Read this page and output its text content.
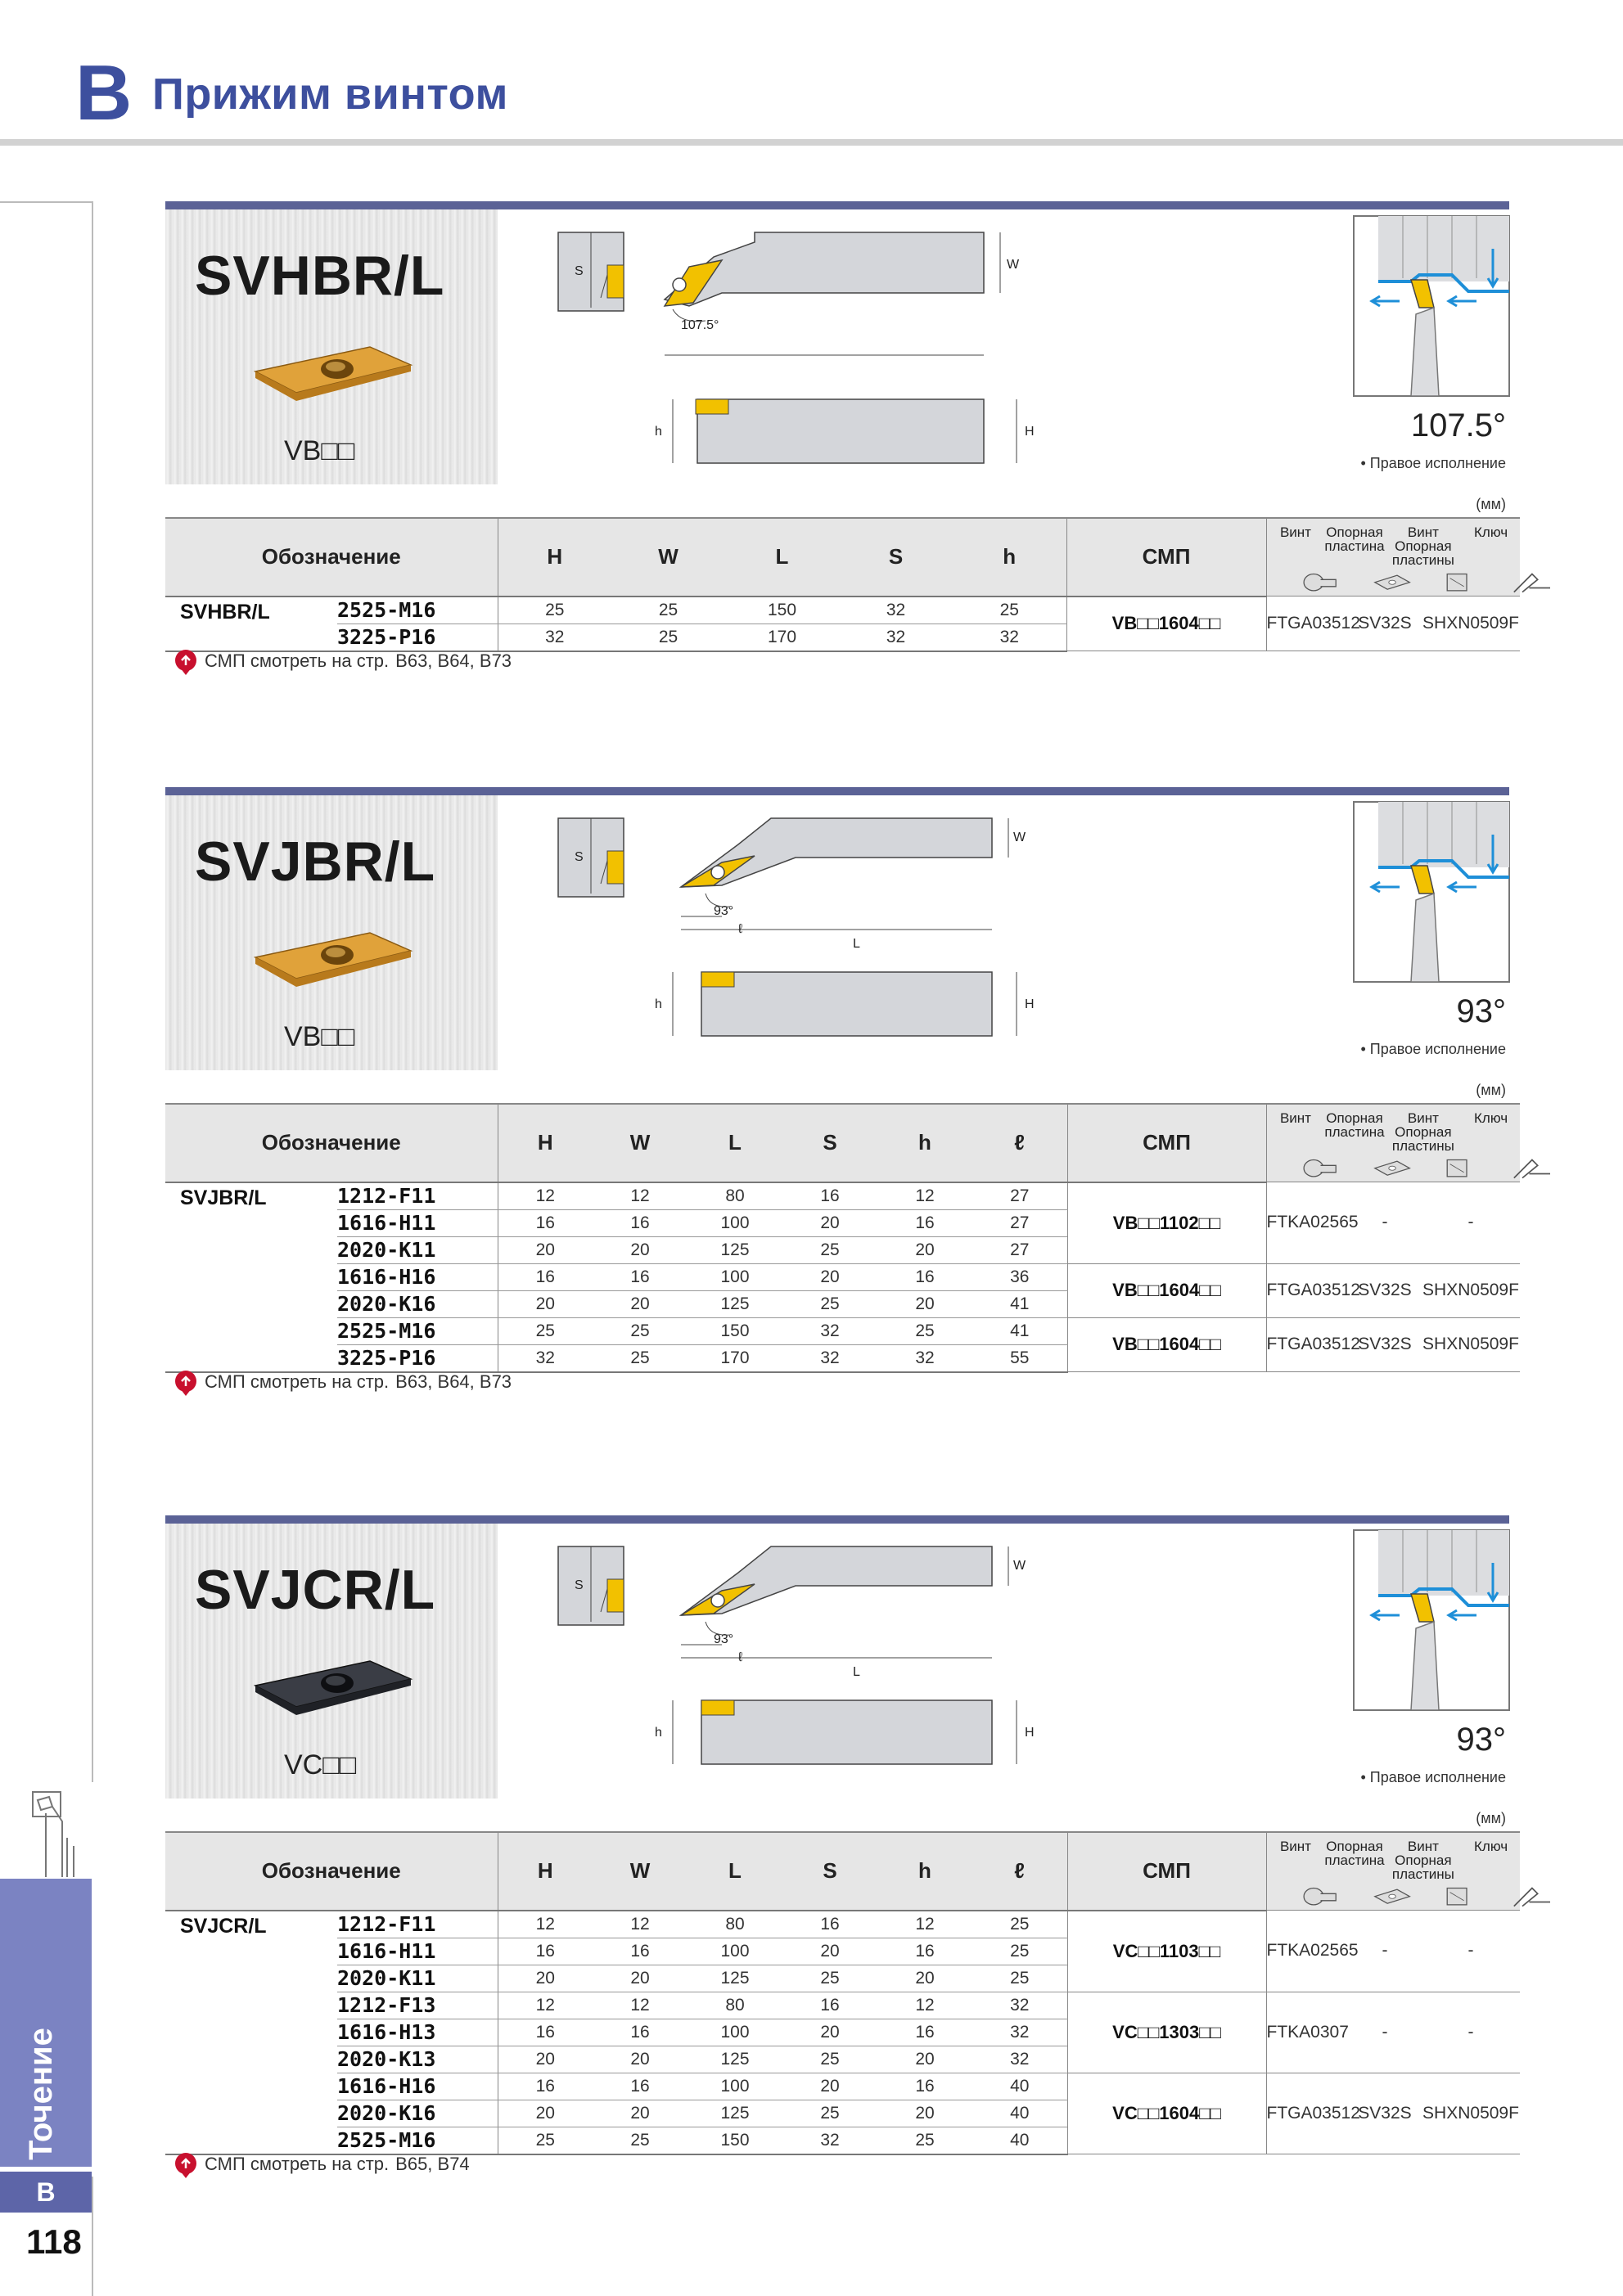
B Прижим винтом
Точение
B
118
SVHBR/L
VB□□
S	W
107.5°
h	H	107.5°
• Правое исполнение
(мм)
Обозначение		H	W	L	S	h	СМП	Винт Опорная пластина
Винт Опорная пластины
Ключ			

SVHBR/L	2525-M16	25	25	150	32	25	VB□□1604□□	FTGA03512	SV32S	SHXN0509F	
	3225-P16	32	25	170	32	32					
СМП смотреть на стр. B63, B64, B73
SVJBR/L
VB□□
S
W
93°
L
ℓ
h	H	93°
• Правое исполнение
(мм)
Обозначение		H	W	L	S	h	ℓ	СМП	Винт Опорная пластина
Винт Опорная пластины
Ключ			

SVJBR/L	1212-F11	12	12	80	16	12	27	VB□□1102□□	FTKA02565	-	-	
	1616-H11	16	16	100	20	16	27					
	2020-K11	20	20	125	25	20	27					
	1616-H16	16	16	100	20	16	36	VB□□1604□□	FTGA03512	SV32S	SHXN0509F	
	2020-K16	20	20	125	25	20	41					
	2525-M16	25	25	150	32	25	41	VB□□1604□□	FTGA03512	SV32S	SHXN0509F	
	3225-P16	32	25	170	32	32	55					
СМП смотреть на стр. B63, B64, B73
SVJCR/L
VC□□
S
W
93°
L
ℓ
h	H	93°
• Правое исполнение
(мм)
Обозначение		H	W	L	S	h	ℓ	СМП	Винт Опорная пластина
Винт Опорная пластины
Ключ			

SVJCR/L	1212-F11	12	12	80	16	12	25	VC□□1103□□	FTKA02565	-	-	
	1616-H11	16	16	100	20	16	25					
	2020-K11	20	20	125	25	20	25					
	1212-F13	12	12	80	16	12	32	VC□□1303□□	FTKA0307	-	-	
	1616-H13	16	16	100	20	16	32					
	2020-K13	20	20	125	25	20	32					
	1616-H16	16	16	100	20	16	40	VC□□1604□□	FTGA03512	SV32S	SHXN0509F	
	2020-K16	20	20	125	25	20	40					
	2525-M16	25	25	150	32	25	40					
СМП смотреть на стр. B65, B74
